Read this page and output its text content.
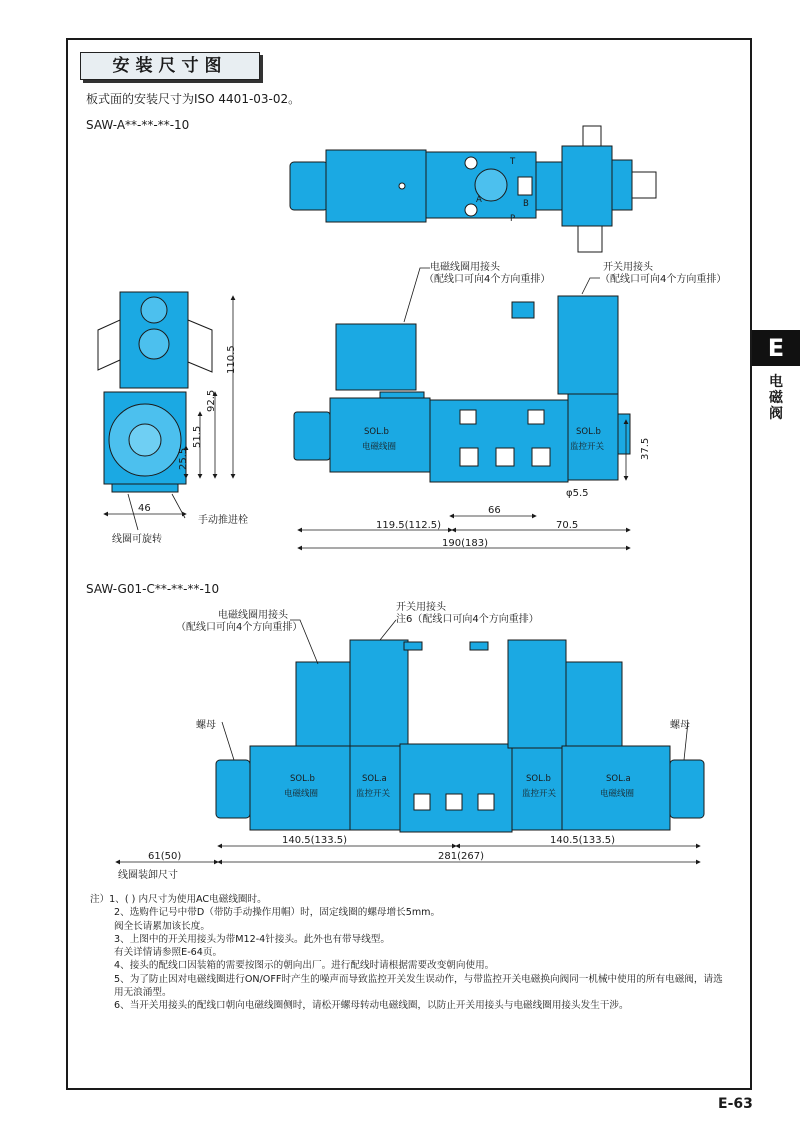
安装尺寸图
板式面的安装尺寸为ISO 4401-03-02。
SAW-A**-**-**-10
SAW-G01-C**-**-**-10
E
电磁阀
电磁线圈用接头
（配线口可向4个方向重排）
开关用接头
（配线口可向4个方向重排）
SOL.b
电磁线圈
SOL.b
监控开关
T
A	B
P
110.5
92.5
51.5
25.5	37.5
46
手动推进栓
线圈可旋转
66
φ5.5
119.5(112.5)	70.5
190(183)
电磁线圈用接头
（配线口可向4个方向重排）
开关用接头
注6（配线口可向4个方向重排）
螺母	螺母
SOL.b
电磁线圈
SOL.a
监控开关
SOL.b
监控开关
SOL.a
电磁线圈
140.5(133.5)	140.5(133.5)
61(50)	281(267)
线圈装卸尺寸
注）1、( ) 内尺寸为使用AC电磁线圈时。
2、选购件记号中带D（带防手动操作用帽）时，固定线圈的螺母增长5mm。
阀全长请累加该长度。
3、上图中的开关用接头为带M12-4针接头。此外也有带导线型。
有关详情请参照E-64页。
4、接头的配线口因装箱的需要按图示的朝向出厂。进行配线时请根据需要改变朝向使用。
5、为了防止因对电磁线圈进行ON/OFF时产生的噪声而导致监控开关发生误动作，与带监控开关电磁换向阀同一机械中使用的所有电磁阀，请选
用无浪涌型。
6、当开关用接头的配线口朝向电磁线圈侧时，请松开螺母转动电磁线圈，以防止开关用接头与电磁线圈用接头发生干涉。
E-63
